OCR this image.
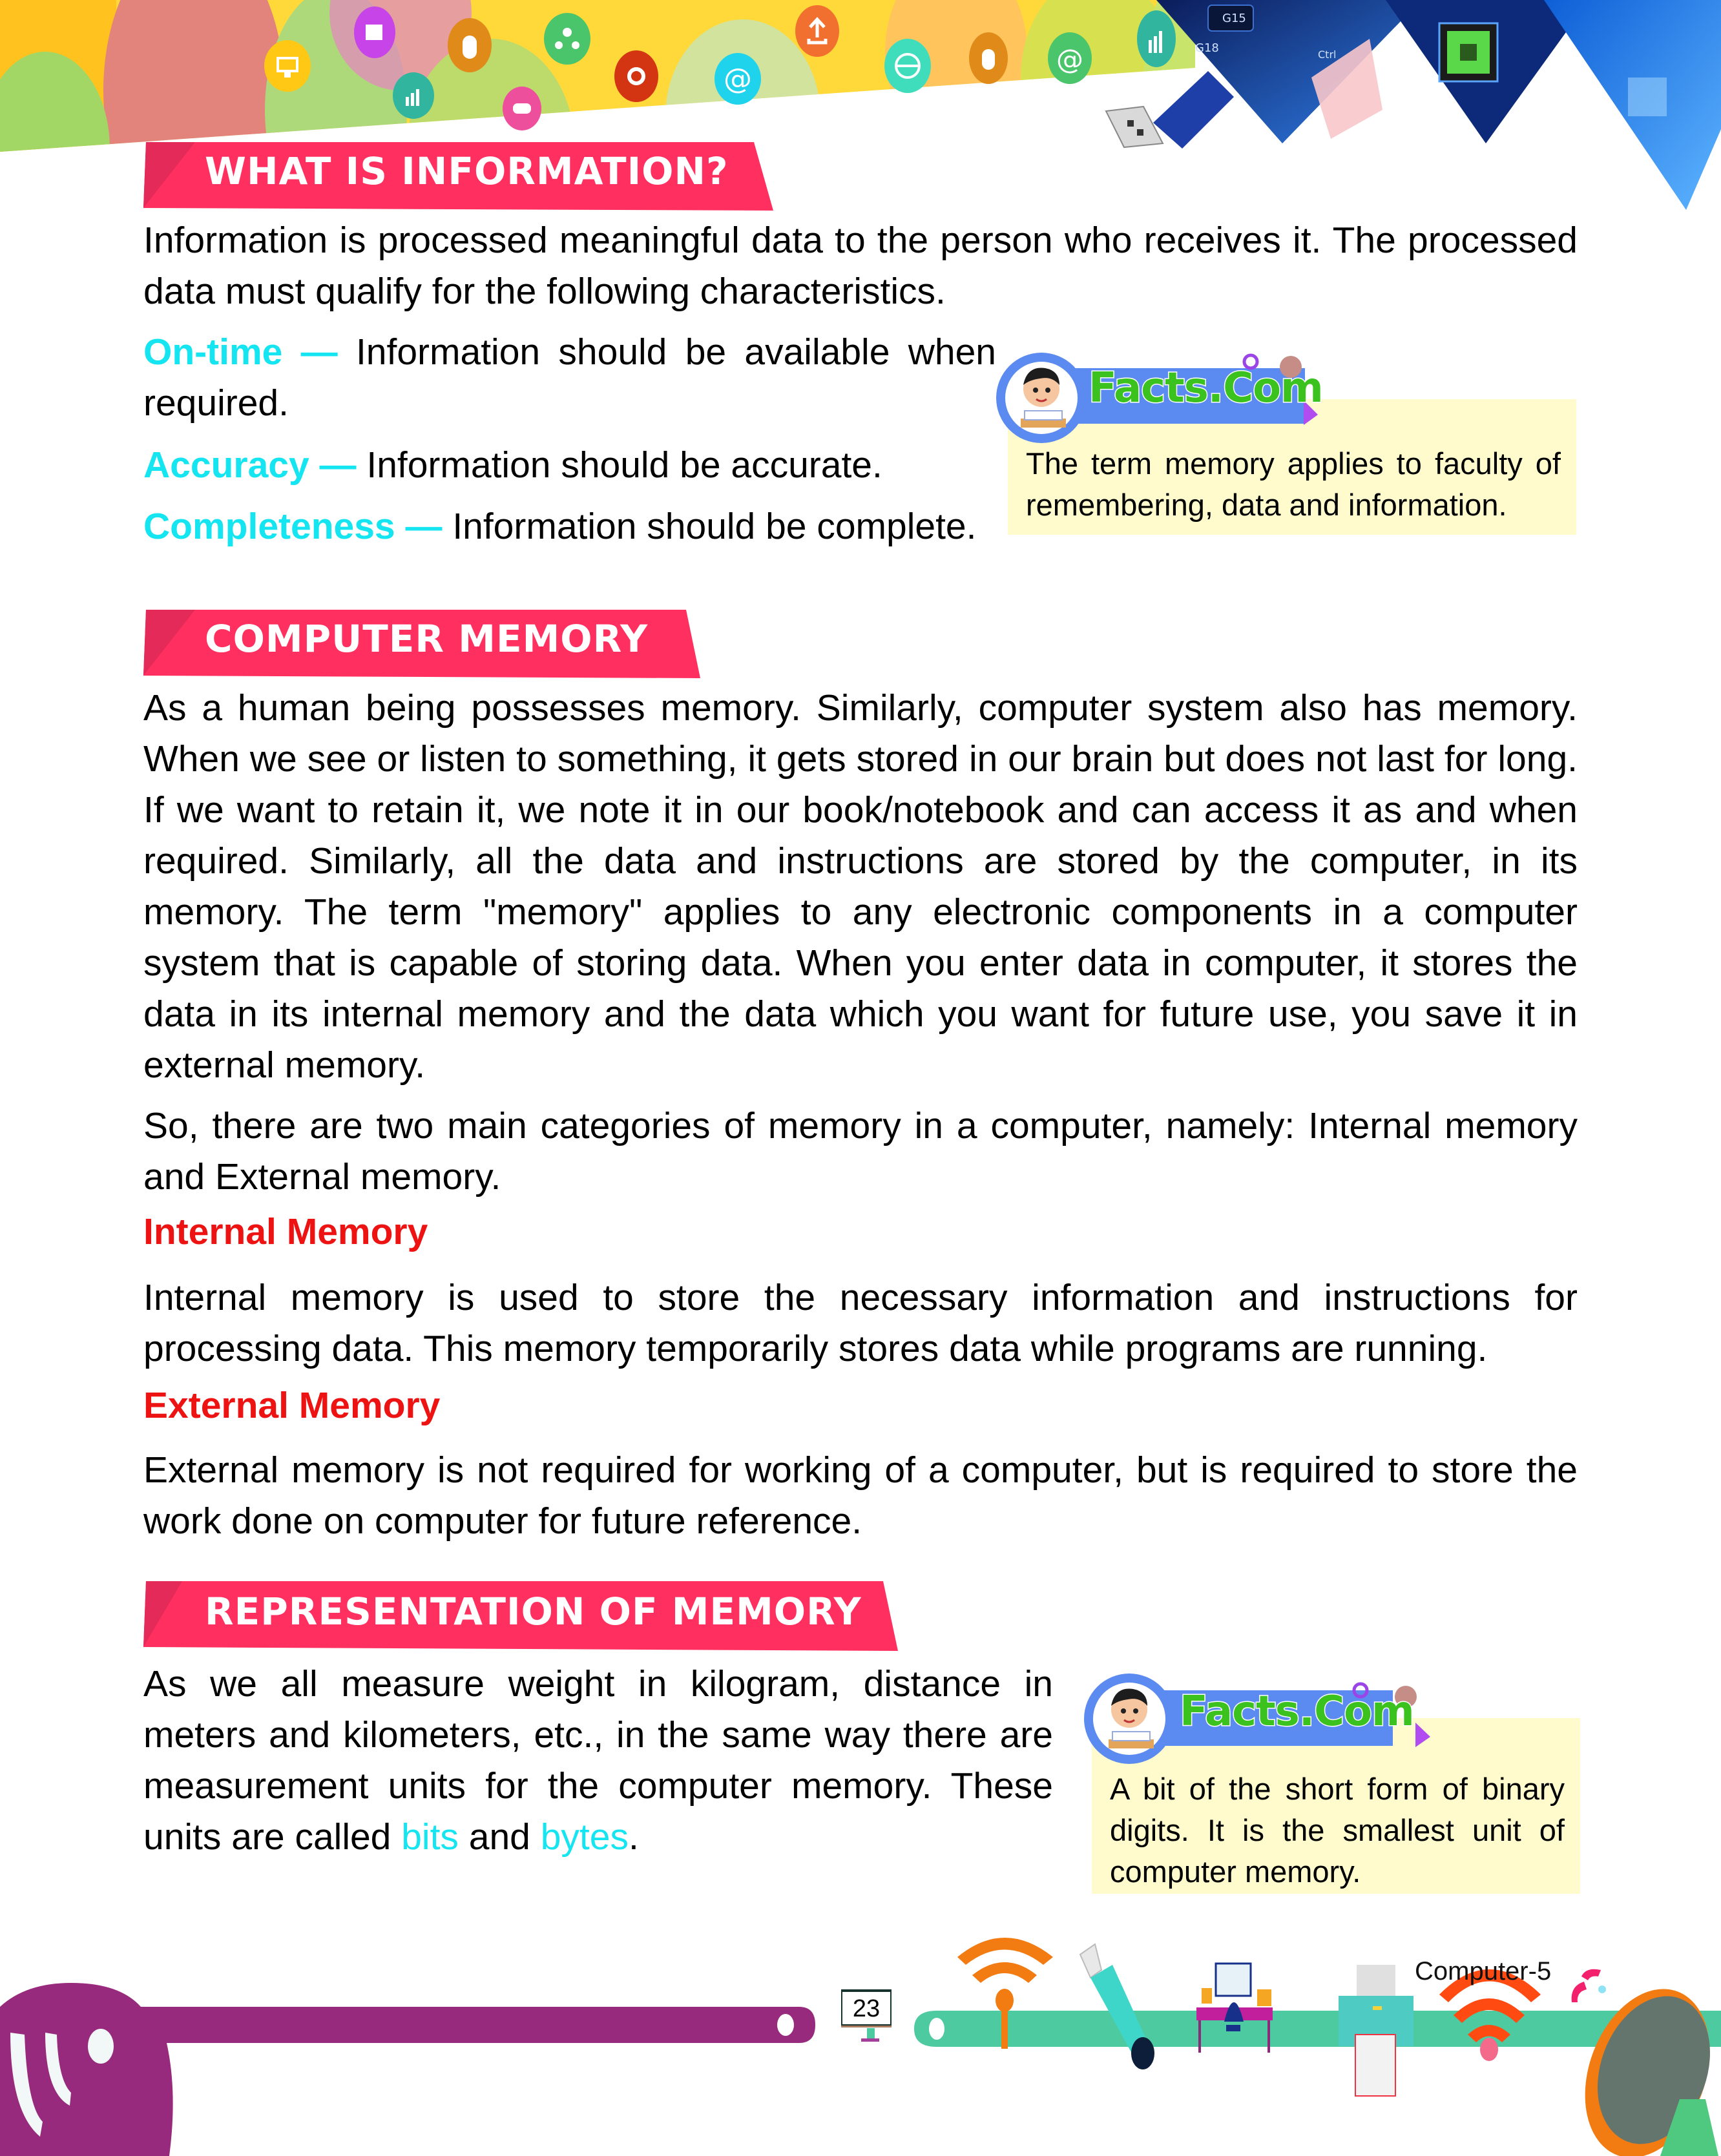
@
@
G15
G18	Ctrl
WHAT IS INFORMATION?
Information is processed meaningful data to the person who receives it. The processed data must qualify for the following characteristics.
On-time — Information should be available when required.
Accuracy — Information should be accurate.
Completeness — Information should be complete.
The term memory applies to faculty of remembering, data and information.
Facts.Com
COMPUTER MEMORY
As a human being possesses memory. Similarly, computer system also has memory. When we see or listen to something, it gets stored in our brain but does not last for long. If we want to retain it, we note it in our book/notebook and can access it as and when required. Similarly, all the data and instructions are stored by the computer, in its memory. The term "memory" applies to any electronic components in a computer system that is capable of storing data. When you enter data in computer, it stores the data in its internal memory and the data which you want for future use, you save it in external memory.
So, there are two main categories of memory in a computer, namely: Internal memory and External memory.
Internal Memory
Internal memory is used to store the necessary information and instructions for processing data. This memory temporarily stores data while programs are running.
External Memory
External memory is not required for working of a computer, but is required to store the work done on computer for future reference.
REPRESENTATION OF MEMORY
As we all measure weight in kilogram, distance in meters and kilometers, etc., in the same way there are measurement units for the computer memory. These units are called bits and bytes.
A bit of the short form of binary digits. It is the smallest unit of computer memory.
Facts.Com
23
Computer-5
